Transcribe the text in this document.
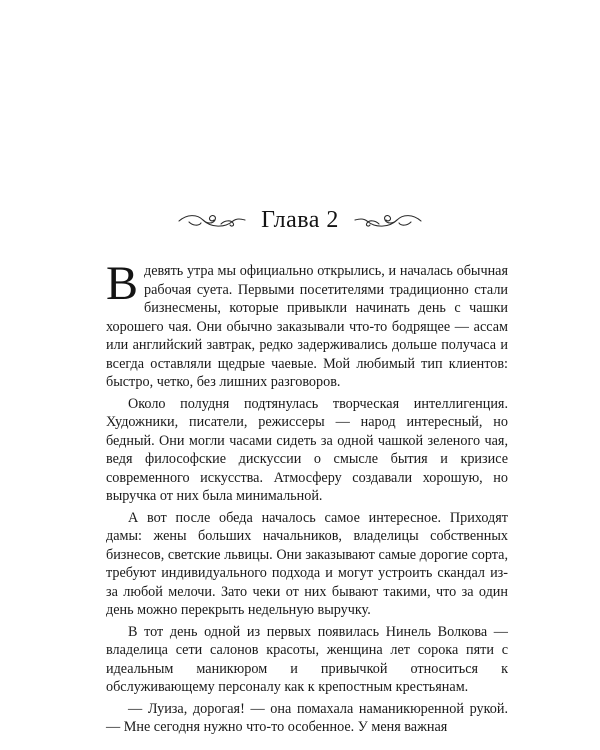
Глава 2

Вдевять утра мы официально открылись, и началась обычная рабочая суета. Первыми посетителями традиционно стали бизнесмены, которые привыкли начинать день с чашки хорошего чая. Они обычно заказывали что-то бодрящее — ассам или английский завтрак, редко задерживались дольше получаса и всегда оставляли щедрые чаевые. Мой любимый тип клиентов: быстро, четко, без лишних разговоров.

Около полудня подтянулась творческая интеллигенция. Художники, писатели, режиссеры — народ интересный, но бедный. Они могли часами сидеть за одной чашкой зеленого чая, ведя философские дискуссии о смысле бытия и кризисе современного искусства. Атмосферу создавали хорошую, но выручка от них была минимальной.

А вот после обеда началось самое интересное. Приходят дамы: жены больших начальников, владелицы собственных бизнесов, светские львицы. Они заказывают самые дорогие сорта, требуют индивидуального подхода и могут устроить скандал из-за любой мелочи. Зато чеки от них бывают такими, что за один день можно перекрыть недельную выручку.

В тот день одной из первых появилась Нинель Волкова — владелица сети салонов красоты, женщина лет сорока пяти с идеальным маникюром и привычкой относиться к обслуживающему персоналу как к крепостным крестьянам.

— Луиза, дорогая! — она помахала наманикюренной рукой. — Мне сегодня нужно что-то особенное. У меня важная
